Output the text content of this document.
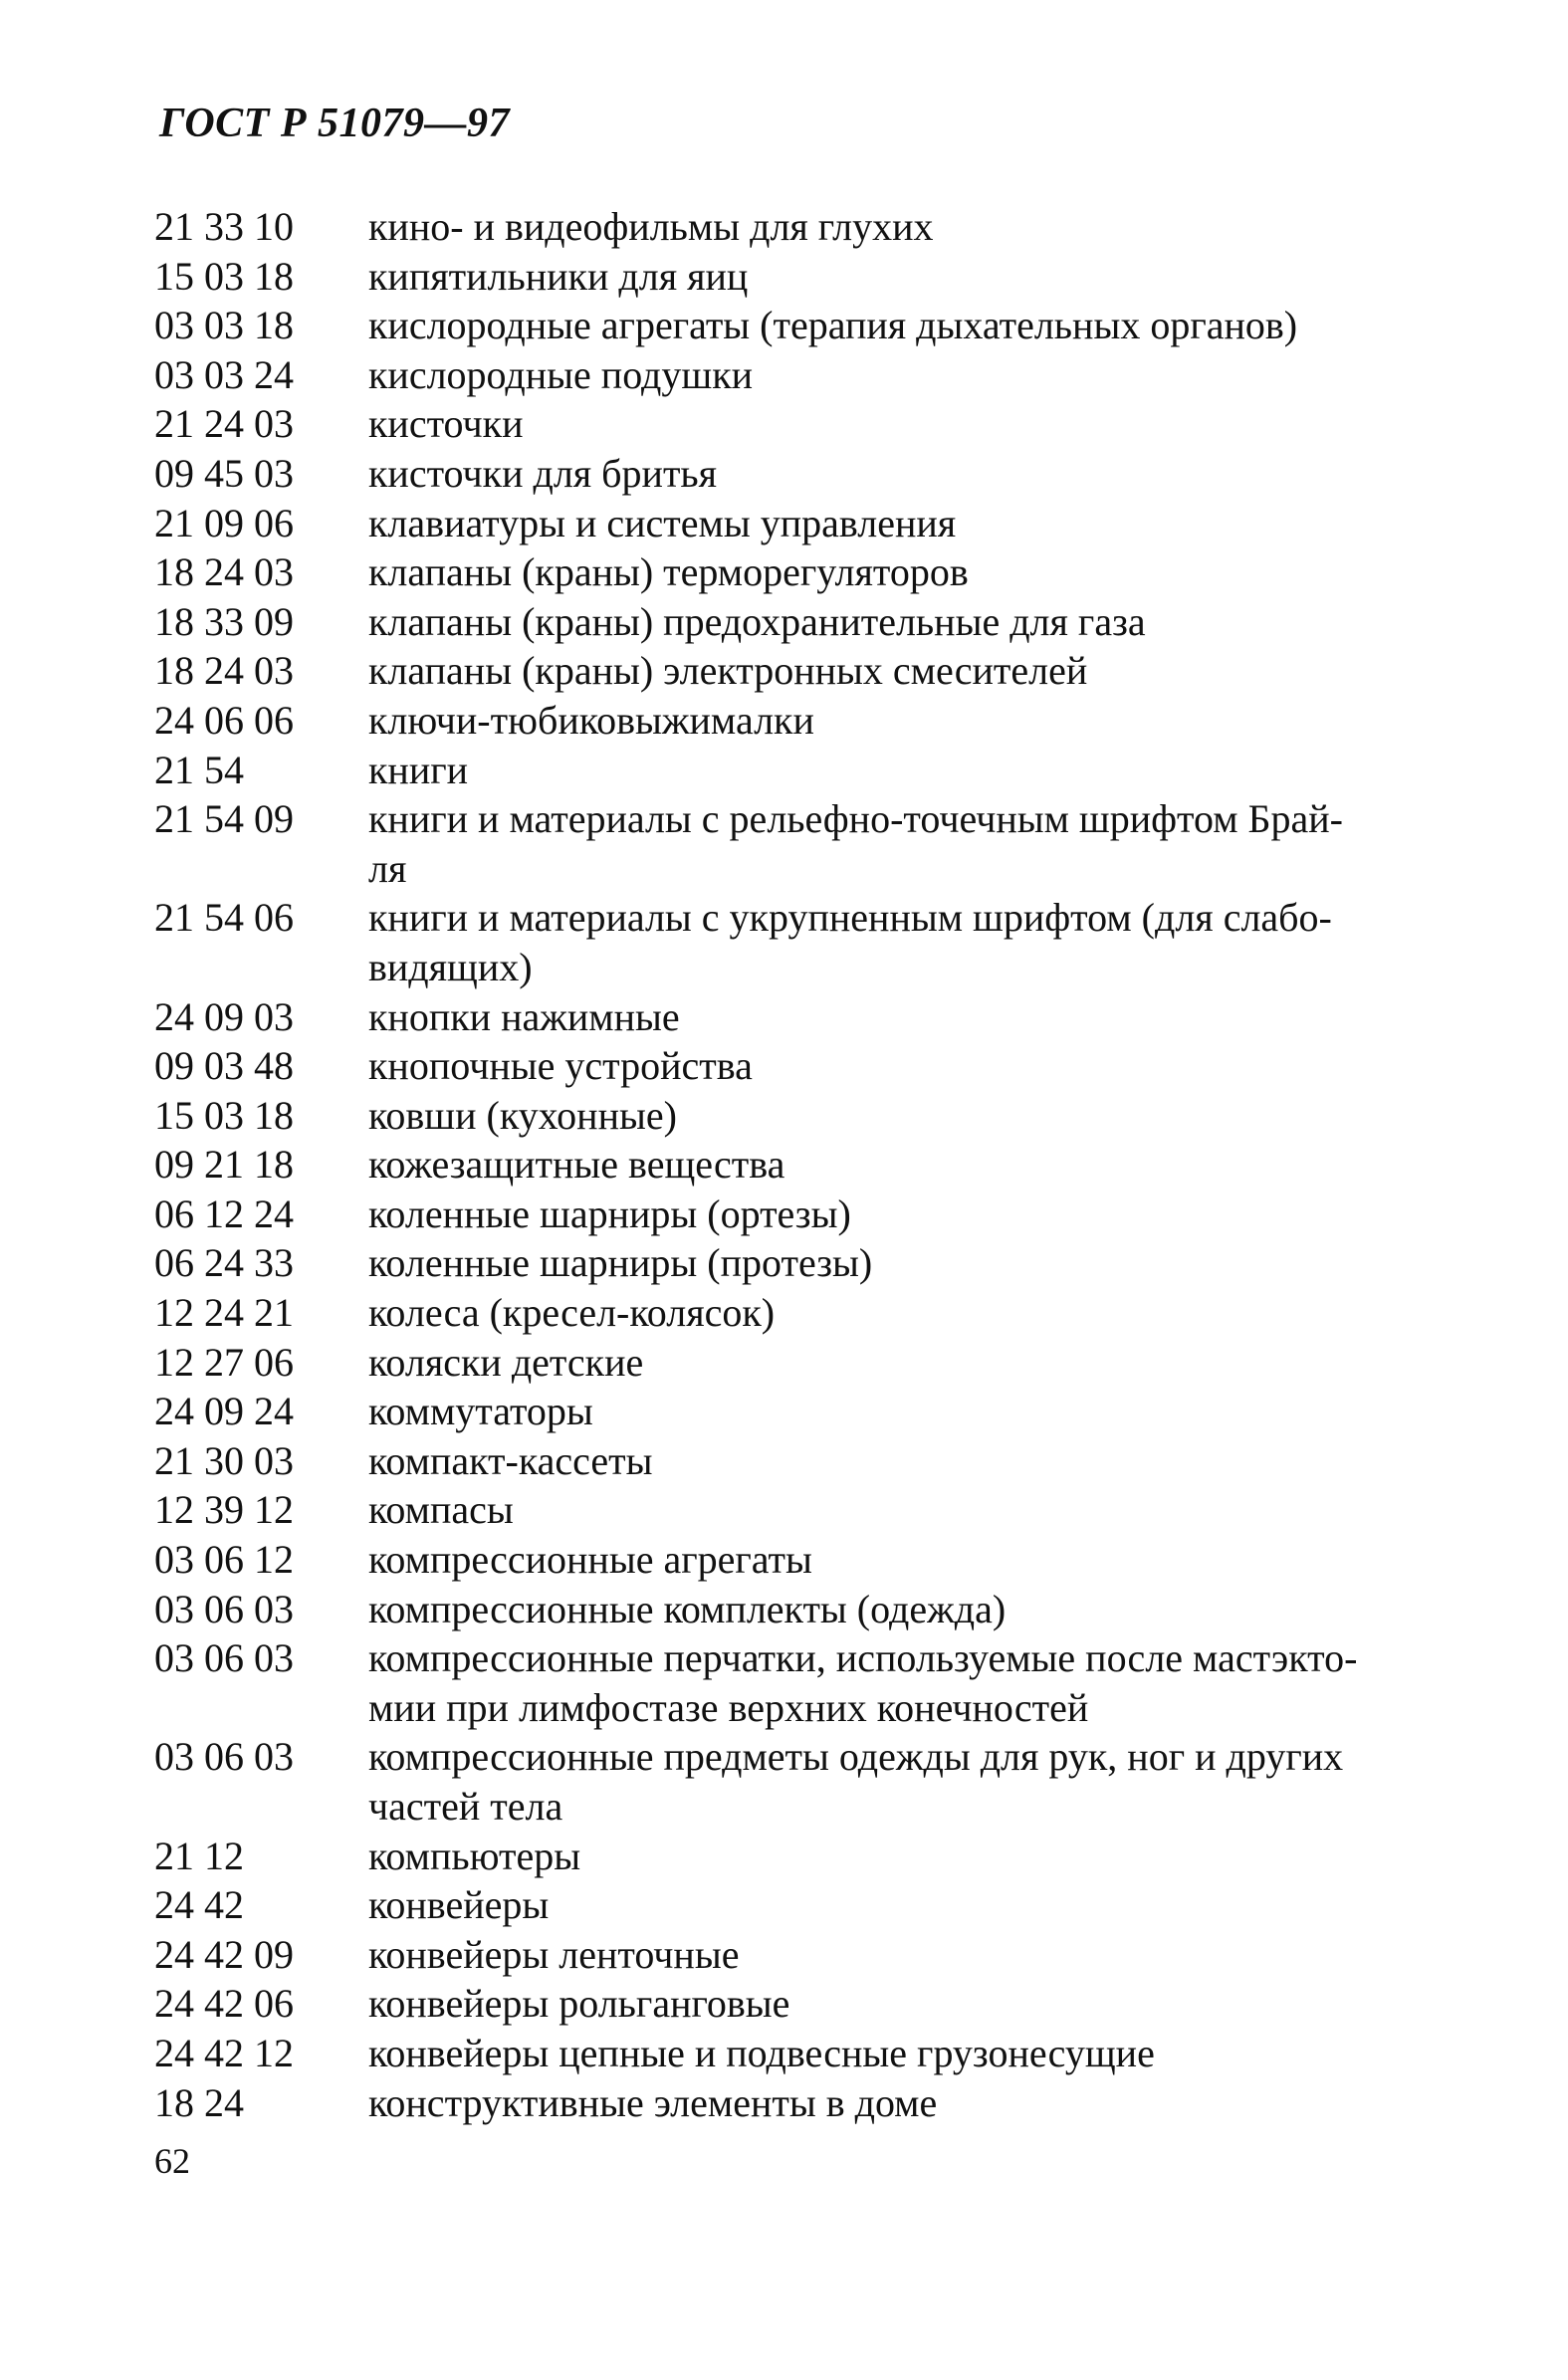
ГОСТ Р 51079—97
21 33 10	кино- и видеофильмы для глухих
15 03 18	кипятильники для яиц
03 03 18	кислородные агрегаты (терапия дыхательных органов)
03 03 24	кислородные подушки
21 24 03	кисточки
09 45 03	кисточки для бритья
21 09 06	клавиатуры и системы управления
18 24 03	клапаны (краны) терморегуляторов
18 33 09	клапаны (краны) предохранительные для газа
18 24 03	клапаны (краны) электронных смесителей
24 06 06	ключи-тюбиковыжималки
21 54	книги
21 54 09	книги и материалы с рельефно-точечным шрифтом Брай-
ля
21 54 06	книги и материалы с укрупненным шрифтом (для слабо-
видящих)
24 09 03	кнопки нажимные
09 03 48	кнопочные устройства
15 03 18	ковши (кухонные)
09 21 18	кожезащитные вещества
06 12 24	коленные шарниры (ортезы)
06 24 33	коленные шарниры (протезы)
12 24 21	колеса (кресел-колясок)
12 27 06	коляски детские
24 09 24	коммутаторы
21 30 03	компакт-кассеты
12 39 12	компасы
03 06 12	компрессионные агрегаты
03 06 03	компрессионные комплекты (одежда)
03 06 03	компрессионные перчатки, используемые после мастэкто-
мии при лимфостазе верхних конечностей
03 06 03	компрессионные предметы одежды для рук, ног и других
частей тела
21 12	компьютеры
24 42	конвейеры
24 42 09	конвейеры ленточные
24 42 06	конвейеры рольганговые
24 42 12	конвейеры цепные и подвесные грузонесущие
18 24	конструктивные элементы в доме
62
